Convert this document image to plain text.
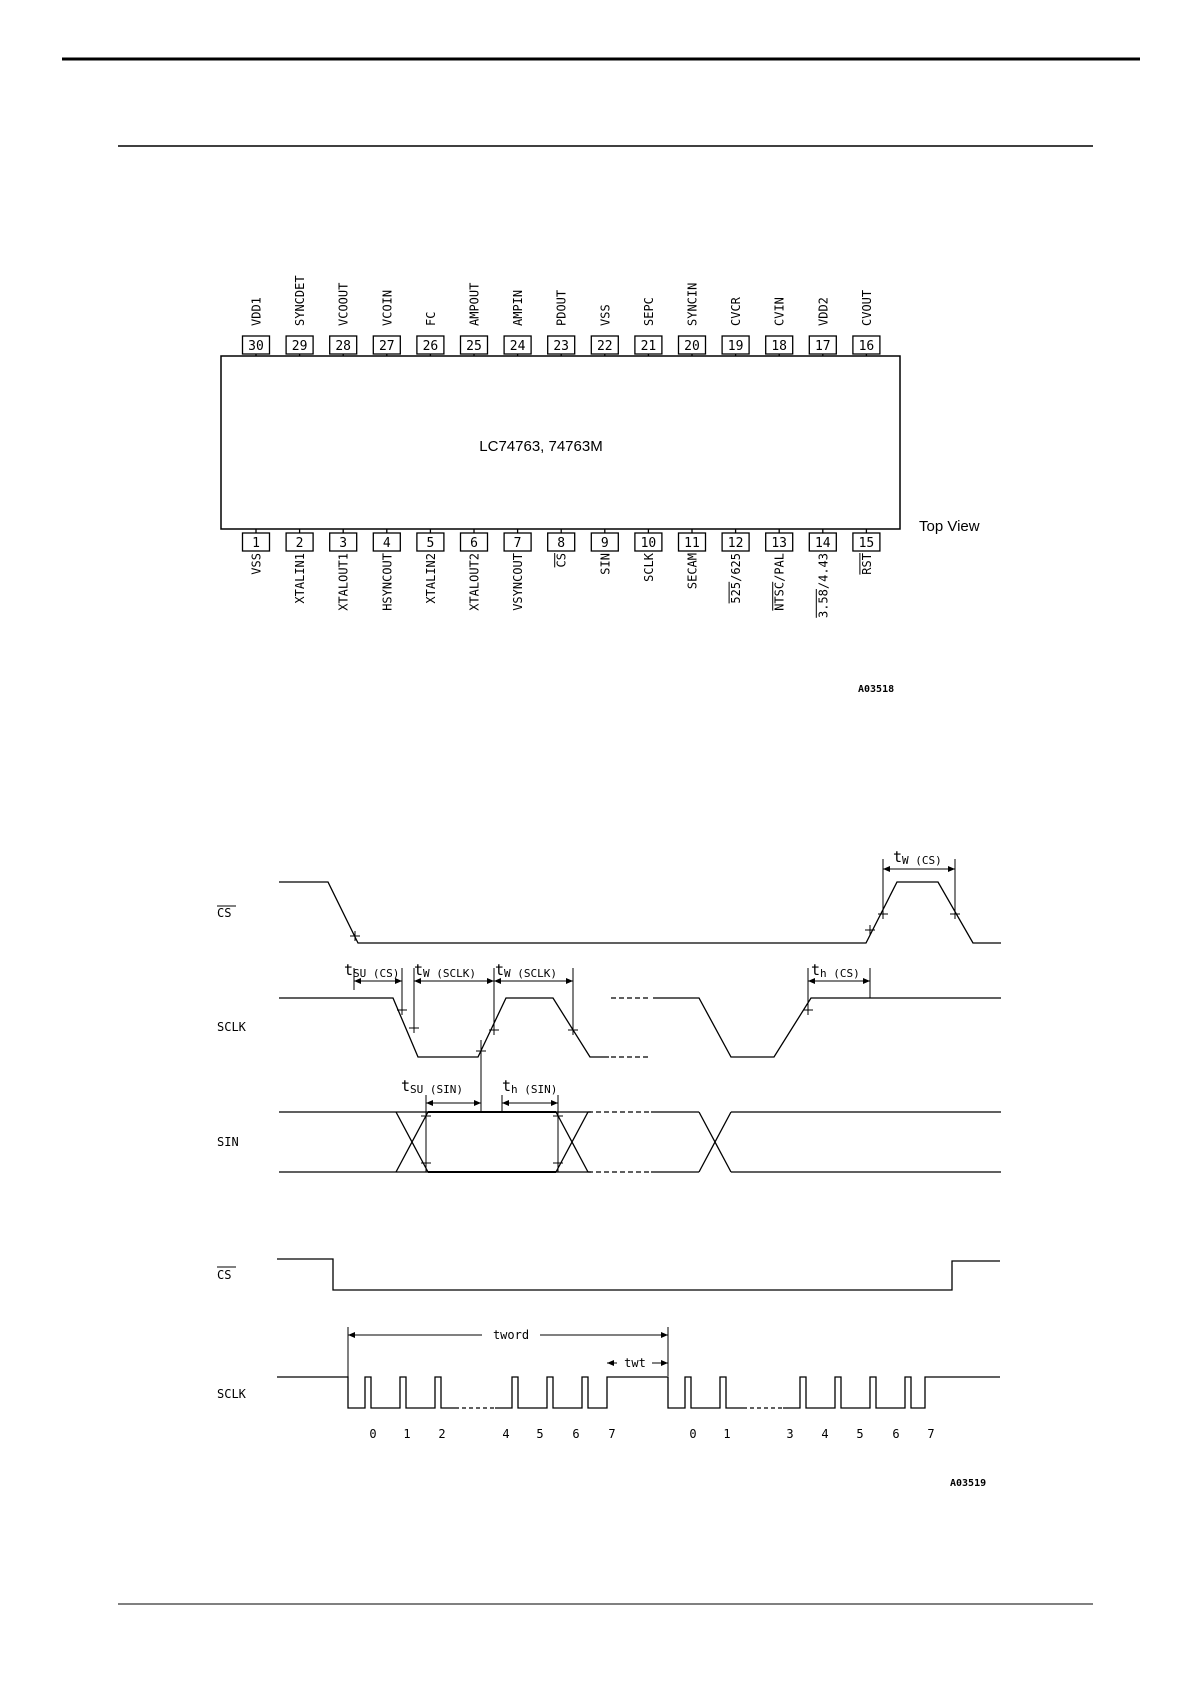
LC74763, 74763M
Top View
30
VDD1
29
SYNCDET
28
VCOOUT
27
VCOIN
26
FC
25
AMPOUT
24
AMPIN
23
PDOUT
22
VSS
21
SEPC
20
SYNCIN
19
CVCR
18
CVIN
17
VDD2
16
CVOUT
1
VSS
2
XTALIN1
3
XTALOUT1
4
HSYNCOUT
5
XTALIN2
6
XTALOUT2
7
VSYNCOUT
8
CS
9
SIN
10
SCLK
11
SECAM
12
525/625
13
NTSC/PAL
14
3.58/4.43
15
RST
A03518
CS
SCLK
SIN
tSU (CS) tW (SCLK) tW (SCLK)	th (CS)
tW (CS)
tSU (SIN)	th (SIN)
CS
SCLK
tword
twt
0 1 2	4 5 6 7	0 1	3 4 5 6 7
A03519
